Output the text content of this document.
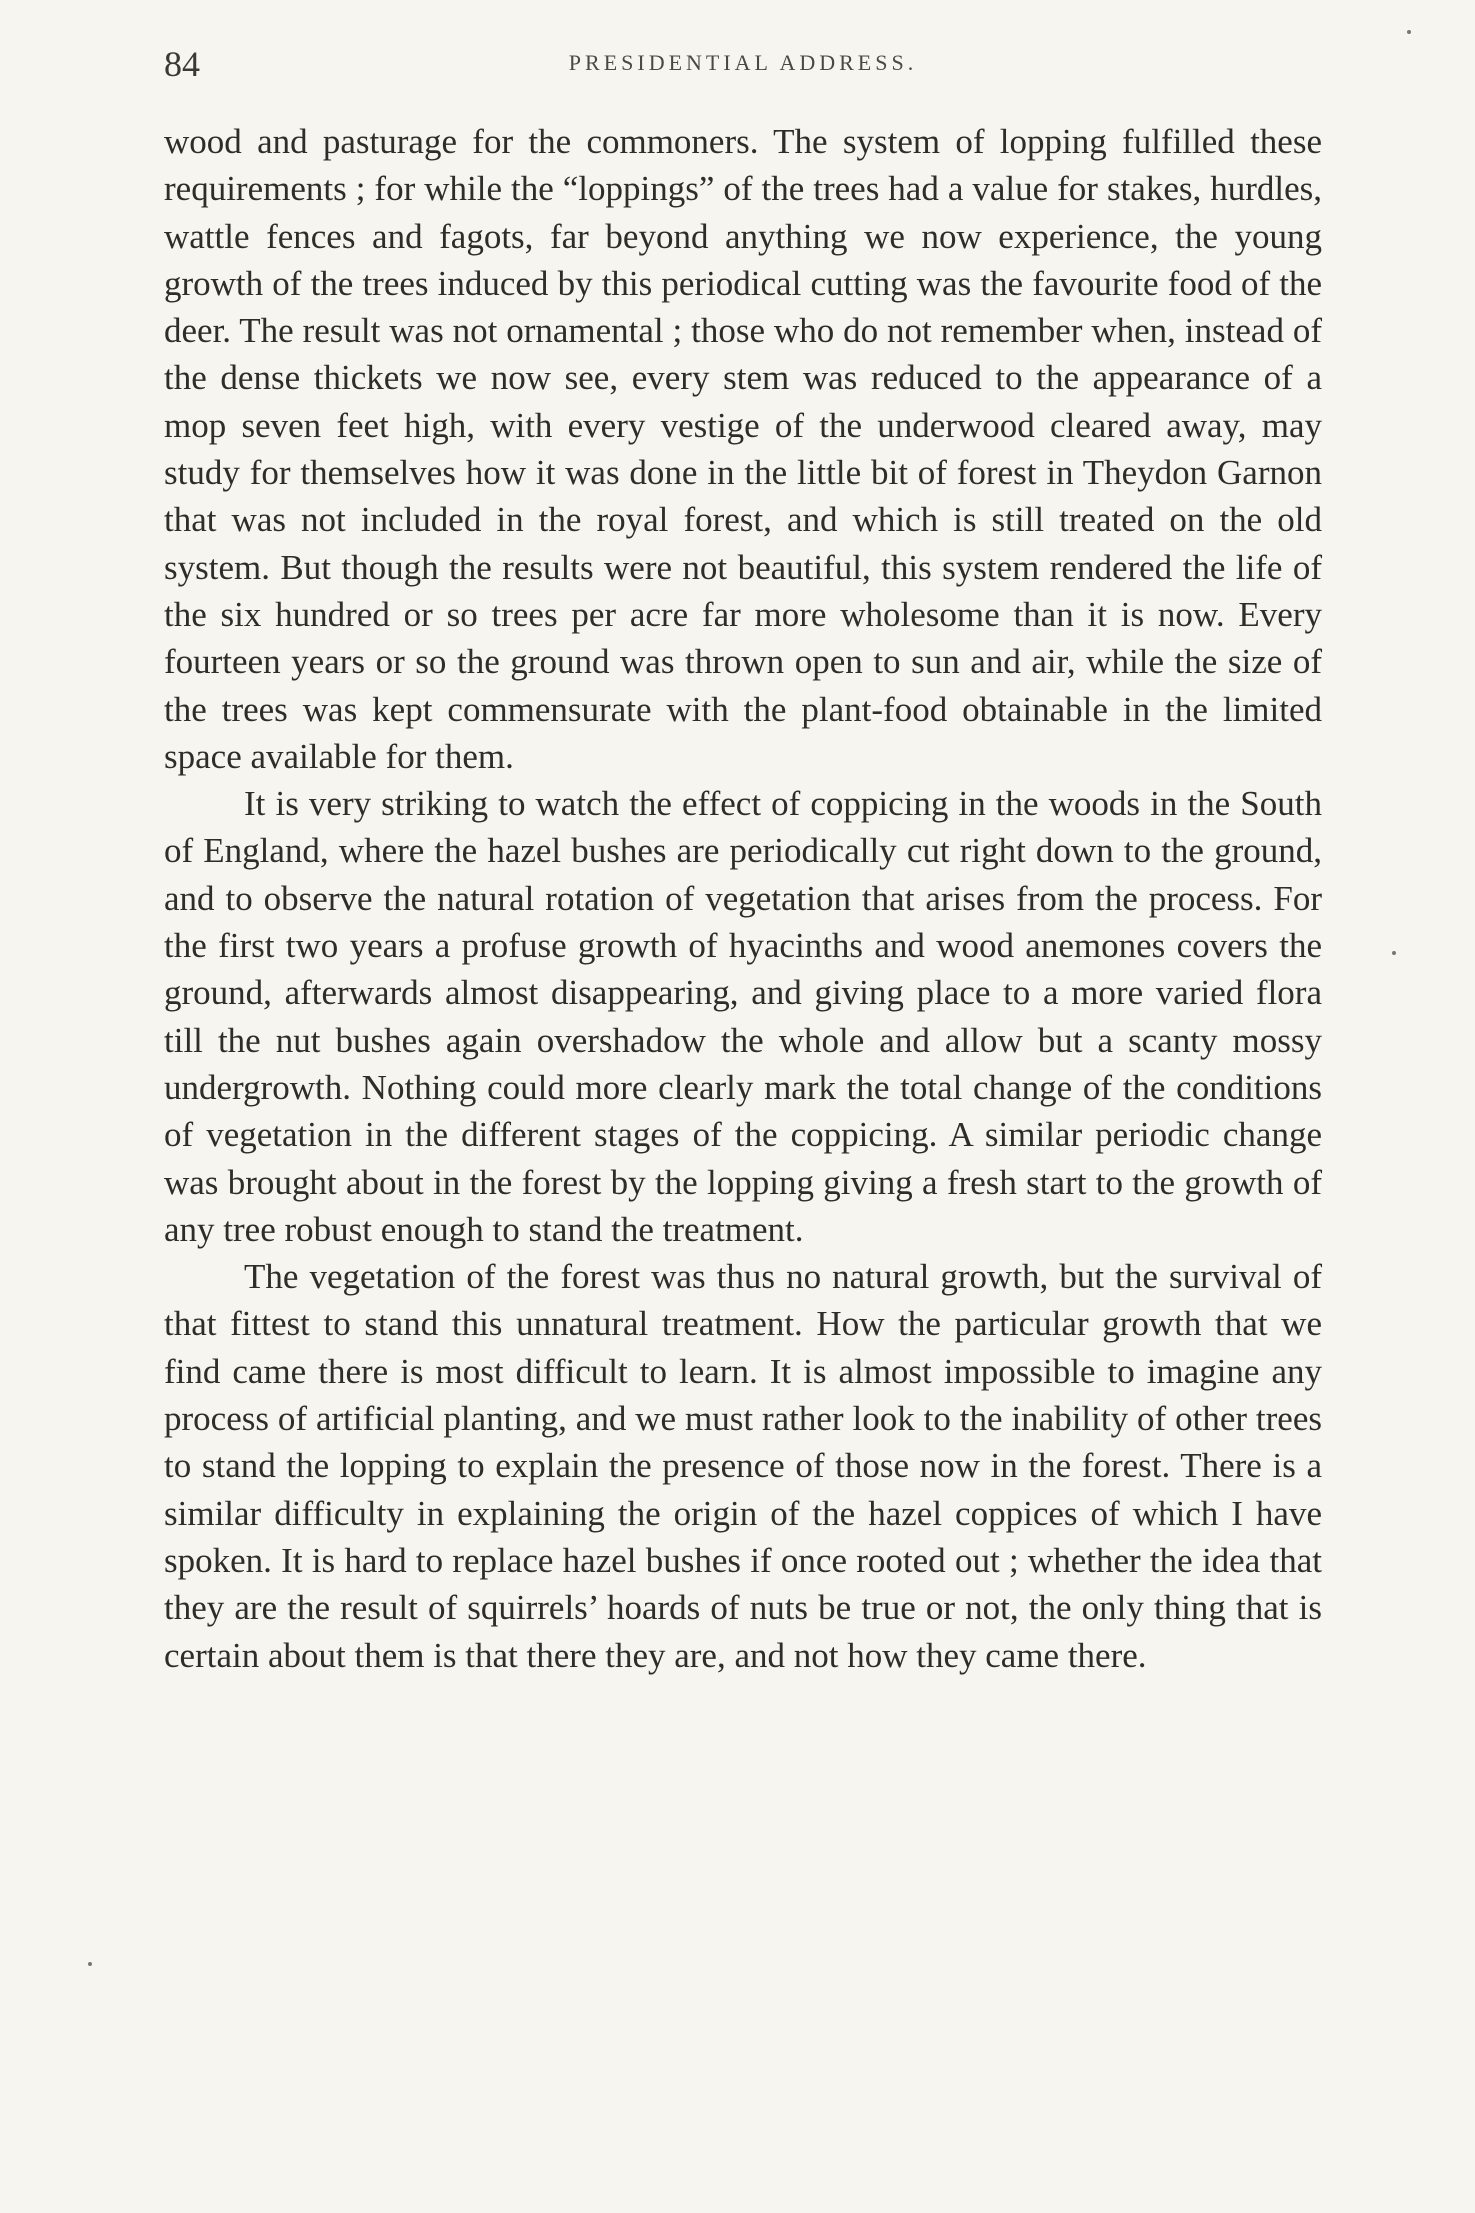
84	PRESIDENTIAL ADDRESS.

wood and pasturage for the commoners. The system of lopping fulfilled these requirements ; for while the “loppings” of the trees had a value for stakes, hurdles, wattle fences and fagots, far beyond anything we now experience, the young growth of the trees induced by this periodical cutting was the favourite food of the deer. The result was not ornamental ; those who do not remember when, instead of the dense thickets we now see, every stem was reduced to the appearance of a mop seven feet high, with every vestige of the underwood cleared away, may study for themselves how it was done in the little bit of forest in Theydon Garnon that was not included in the royal forest, and which is still treated on the old system. But though the results were not beautiful, this system rendered the life of the six hundred or so trees per acre far more wholesome than it is now. Every fourteen years or so the ground was thrown open to sun and air, while the size of the trees was kept commensurate with the plant-food obtainable in the limited space available for them.

It is very striking to watch the effect of coppicing in the woods in the South of England, where the hazel bushes are periodically cut right down to the ground, and to observe the natural rotation of vegetation that arises from the process. For the first two years a profuse growth of hyacinths and wood anemones covers the ground, afterwards almost disappearing, and giving place to a more varied flora till the nut bushes again overshadow the whole and allow but a scanty mossy undergrowth. Nothing could more clearly mark the total change of the conditions of vegetation in the different stages of the coppicing. A similar periodic change was brought about in the forest by the lopping giving a fresh start to the growth of any tree robust enough to stand the treatment.

The vegetation of the forest was thus no natural growth, but the survival of that fittest to stand this unnatural treatment. How the particular growth that we find came there is most difficult to learn. It is almost impossible to imagine any process of artificial planting, and we must rather look to the inability of other trees to stand the lopping to explain the presence of those now in the forest. There is a similar difficulty in explaining the origin of the hazel coppices of which I have spoken. It is hard to replace hazel bushes if once rooted out ; whether the idea that they are the result of squirrels’ hoards of nuts be true or not, the only thing that is certain about them is that there they are, and not how they came there.
